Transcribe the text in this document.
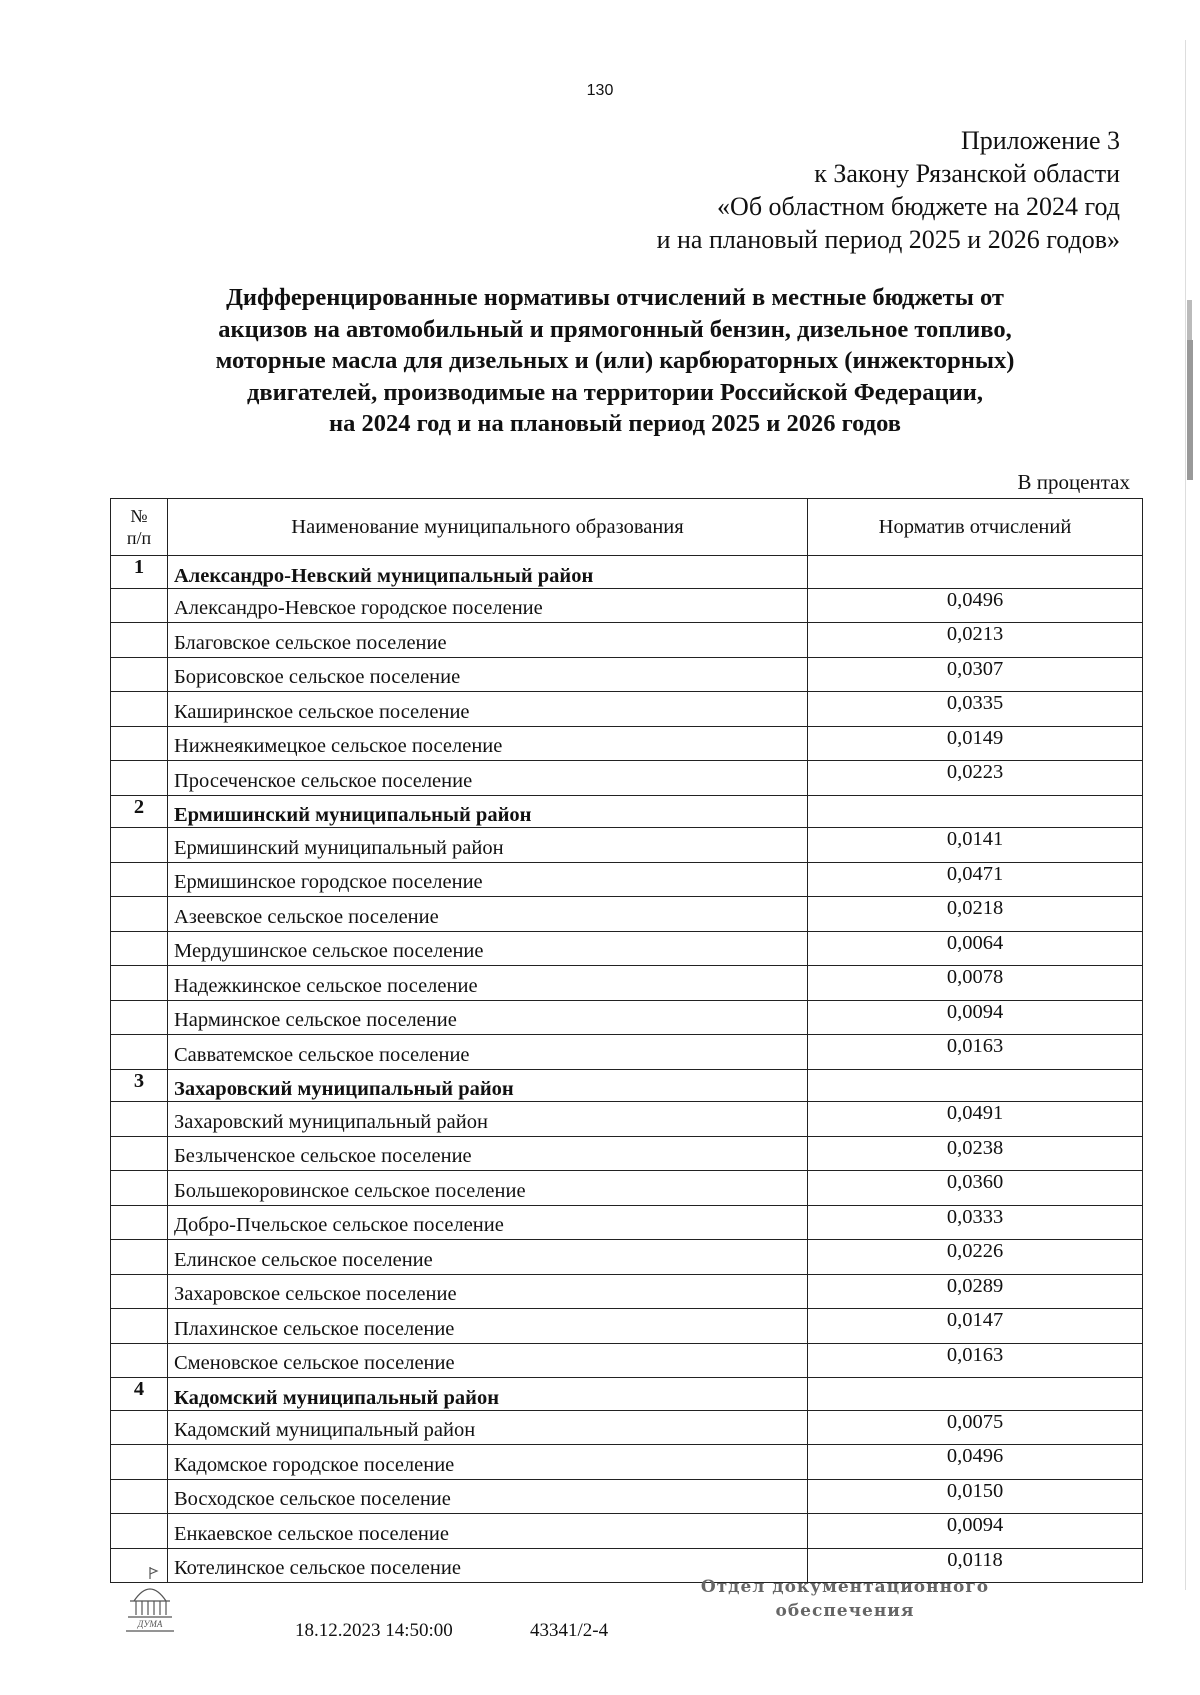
130
Приложение 3
к Закону Рязанской области
«Об областном бюджете на 2024 год
и на плановый период 2025 и 2026 годов»
Дифференцированные нормативы отчислений в местные бюджеты от
акцизов на автомобильный и прямогонный бензин, дизельное топливо,
моторные масла для дизельных и (или) карбюраторных (инжекторных)
двигателей, производимые на территории Российской Федерации,
на 2024 год и на плановый период 2025 и 2026 годов
В процентах
№
п/п	Наименование муниципального образования	Норматив отчислений
1	Александро-Невский муниципальный район	
	Александро-Невское городское поселение	0,0496
	Благовское сельское поселение	0,0213
	Борисовское сельское поселение	0,0307
	Каширинское сельское поселение	0,0335
	Нижнеякимецкое сельское поселение	0,0149
	Просеченское сельское поселение	0,0223
2	Ермишинский муниципальный район	
	Ермишинский муниципальный район	0,0141
	Ермишинское городское поселение	0,0471
	Азеевское сельское поселение	0,0218
	Мердушинское сельское поселение	0,0064
	Надежкинское сельское поселение	0,0078
	Нарминское сельское поселение	0,0094
	Савватемское сельское поселение	0,0163
3	Захаровский муниципальный район	
	Захаровский муниципальный район	0,0491
	Безлыченское сельское поселение	0,0238
	Большекоровинское сельское поселение	0,0360
	Добро-Пчельское сельское поселение	0,0333
	Елинское сельское поселение	0,0226
	Захаровское сельское поселение	0,0289
	Плахинское сельское поселение	0,0147
	Сменовское сельское поселение	0,0163
4	Кадомский муниципальный район	
	Кадомский муниципальный район	0,0075
	Кадомское городское поселение	0,0496
	Восходское сельское поселение	0,0150
	Енкаевское сельское поселение	0,0094
	Котелинское сельское поселение	0,0118
ДУМА	18.12.2023 14:50:00	43341/2-4
Отдел документационного
обеспечения
